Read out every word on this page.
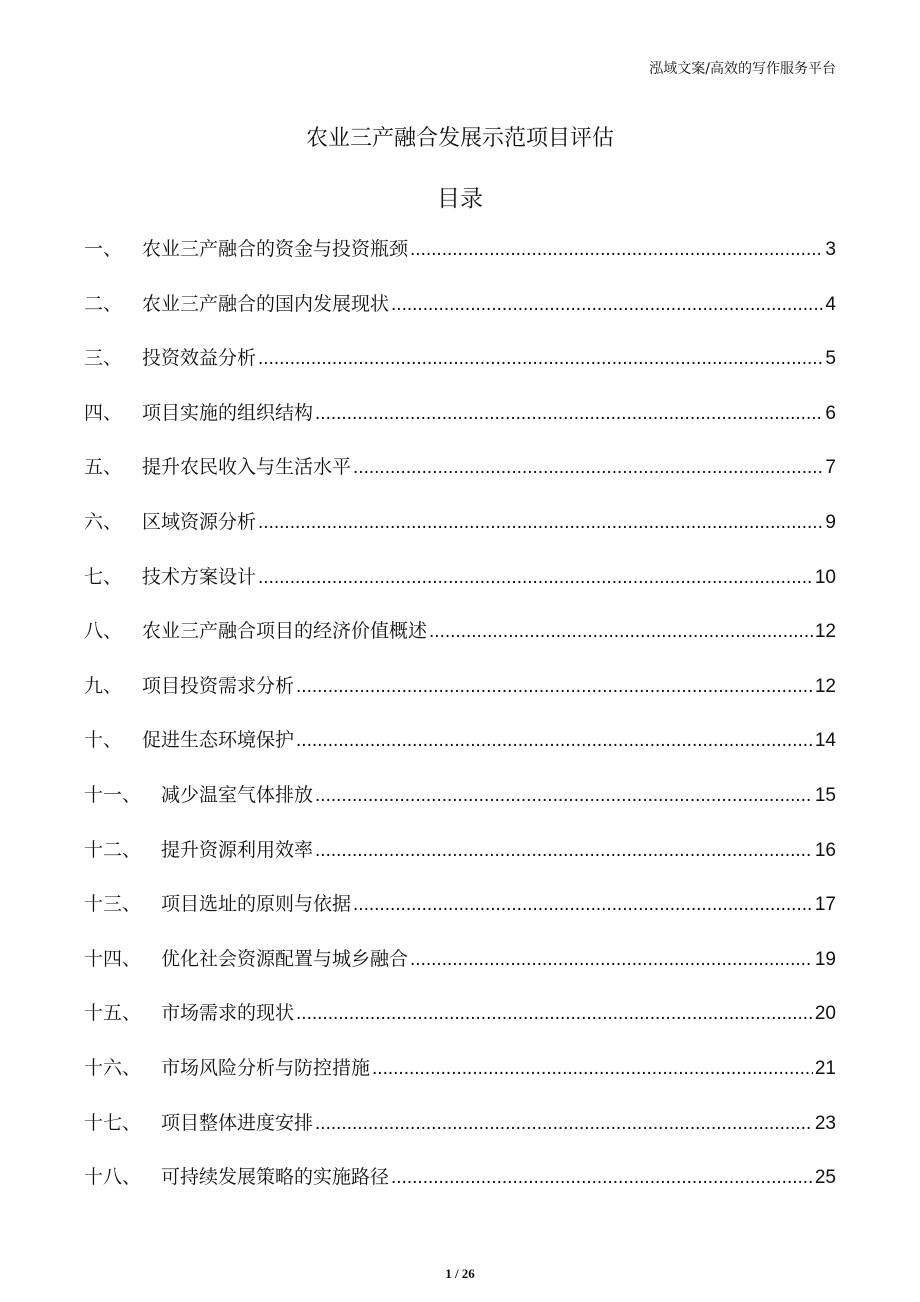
泓域文案/高效的写作服务平台
农业三产融合发展示范项目评估
目录
一、 农业三产融合的资金与投资瓶颈 .....	3
二、 农业三产融合的国内发展现状 .....	4
三、 投资效益分析 .....	5
四、 项目实施的组织结构 .....	6
五、 提升农民收入与生活水平 .....	7
六、 区域资源分析 .....	9
七、 技术方案设计 .....	10
八、 农业三产融合项目的经济价值概述 .....	12
九、 项目投资需求分析 .....	12
十、 促进生态环境保护 .....	14
十一、 减少温室气体排放 .....	15
十二、 提升资源利用效率 .....	16
十三、 项目选址的原则与依据 .....	17
十四、 优化社会资源配置与城乡融合 .....	19
十五、 市场需求的现状 .....	20
十六、 市场风险分析与防控措施 .....	21
十七、 项目整体进度安排 .....	23
十八、 可持续发展策略的实施路径 .....	25
1 / 26
